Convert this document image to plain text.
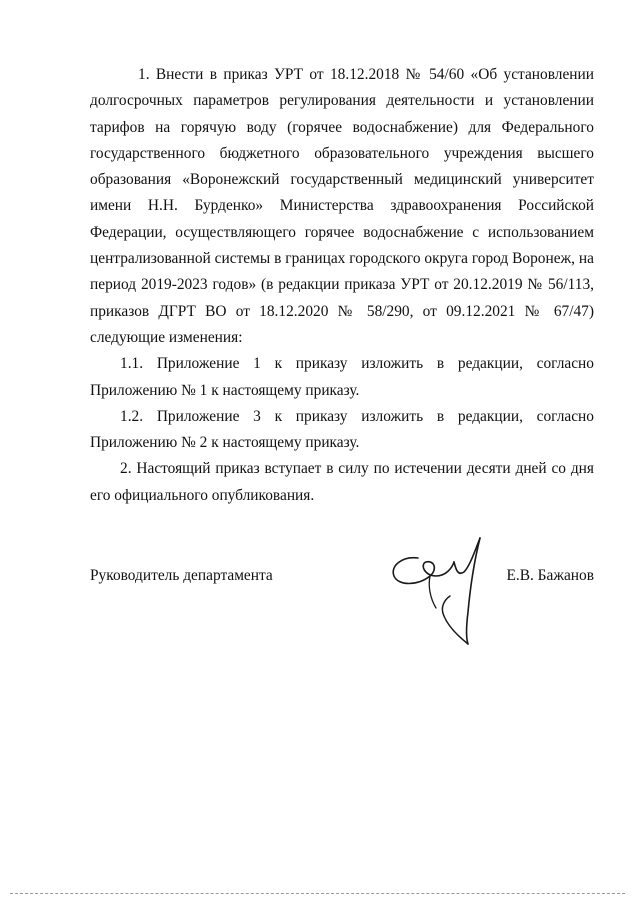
1. Внести в приказ УРТ от 18.12.2018 № 54/60 «Об установлении долгосрочных параметров регулирования деятельности и установлении тарифов на горячую воду (горячее водоснабжение) для Федерального государственного бюджетного образовательного учреждения высшего образования «Воронежский государственный медицинский университет имени Н.Н. Бурденко» Министерства здравоохранения Российской Федерации, осуществляющего горячее водоснабжение с использованием централизованной системы в границах городского округа город Воронеж, на период 2019-2023 годов» (в редакции приказа УРТ от 20.12.2019 № 56/113, приказов ДГРТ ВО от 18.12.2020 № 58/290, от 09.12.2021 № 67/47) следующие изменения:

1.1. Приложение 1 к приказу изложить в редакции, согласно Приложению № 1 к настоящему приказу.

1.2. Приложение 3 к приказу изложить в редакции, согласно Приложению № 2 к настоящему приказу.

2. Настоящий приказ вступает в силу по истечении десяти дней со дня его официального опубликования.

Руководитель департамента	Е.В. Бажанов
